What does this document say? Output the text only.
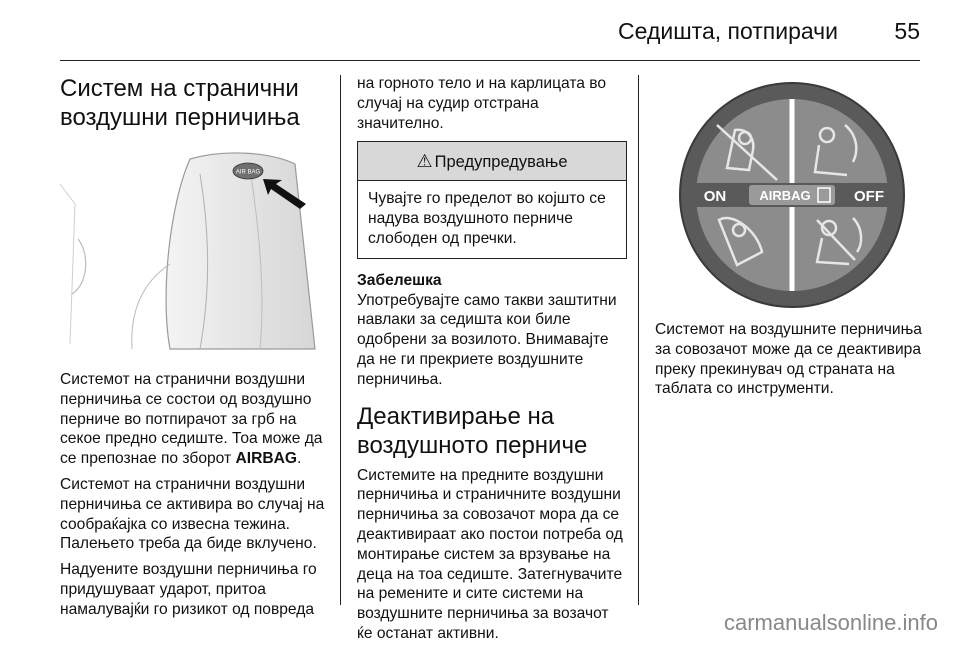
Седишта, потпирачи 55
Систем на странични воздушни перничиња
AIR BAG

Системот на странични воздушни перничиња се состои од воздушно перниче во потпирачот за грб на секое предно седиште. Тоа може да се препознае по зборот AIRBAG.

Системот на странични воздушни перничиња се активира во случај на сообраќајка со извесна тежина. Палењето треба да биде вклучено.

Надуените воздушни перничиња го придушуваат ударот, притоа намалуваjќи го ризикот од повреда

на горното тело и на карлицата во случај на судир отстрана значително.

⚠ Предупредување
Чувајте го пределот во којшто се надува воздушното перниче слободен од пречки.
Забелешка

Употребувајте само такви заштитни навлаки за седишта кои биле одобрени за возилото. Внимавајте да не ги прекриете воздушните перничиња.

Деактивирање на воздушното перниче

Системите на предните воздушни перничиња и страничните воздушни перничиња за совозачот мора да се деактивираат ако постои потреба од монтирање систем за врзување на деца на тоа седиште. Затегнувачите на ремените и сите системи на воздушните перничиња за возачот ќе останат активни.

ON	AIRBAG	OFF

Системот на воздушните перничиња за совозачот може да се деактивира преку прекинувач од страната на таблата со инструменти.

carmanualsonline.info
